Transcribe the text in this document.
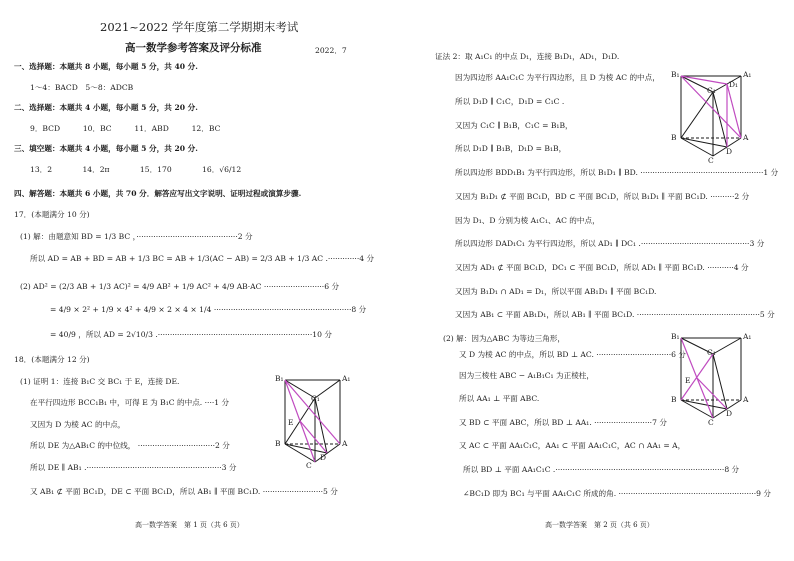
2021~2022 学年度第二学期期末考试
高一数学参考答案及评分标准	2022．7
一、选择题：本题共 8 小题，每小题 5 分，共 40 分.
1～4：BACD　5～8：ADCB
二、选择题：本题共 4 小题，每小题 5 分，共 20 分.
9．BCD　　　10．BC　　　11．ABD　　　12．BC
三、填空题：本题共 4 小题，每小题 5 分，共 20 分.
13．2　　　　14．2π　　　　15．170　　　　16．√6/12
四、解答题：本题共 6 小题，共 70 分．解答应写出文字说明、证明过程或演算步骤.
17．(本题满分 10 分)
(1) 解：由题意知 BD = 1/3 BC ，··········································2 分
所以 AD = AB + BD = AB + 1/3 BC = AB + 1/3(AC − AB) = 2/3 AB + 1/3 AC .·············4 分
(2) AD² = (2/3 AB + 1/3 AC)² = 4/9 AB² + 1/9 AC² + 4/9 AB·AC ·························6 分
= 4/9 × 2² + 1/9 × 4² + 4/9 × 2 × 4 × 1/4 ·························································8 分
= 40/9 ，所以 AD = 2√10/3 .································································10 分
18．(本题满分 12 分)
(1) 证明 1：连接 B₁C 交 BC₁ 于 E，连接 DE.
在平行四边形 BCC₁B₁ 中，可得 E 为 B₁C 的中点. ····1 分
又因为 D 为棱 AC 的中点，
所以 DE 为△AB₁C 的中位线， ································2 分
所以 DE ∥ AB₁ .························································3 分
又 AB₁ ⊄ 平面 BC₁D，DE ⊂ 平面 BC₁D，所以 AB₁ ∥ 平面 BC₁D. ·························5 分
高一数学答案　第 1 页（共 6 页）
B₁	A₁
C₁
E
B	A
D
C
证法 2：取 A₁C₁ 的中点 D₁，连接 B₁D₁，AD₁，D₁D.
因为四边形 AA₁C₁C 为平行四边形，且 D 为棱 AC 的中点，
所以 D₁D ∥ C₁C，D₁D = C₁C .
又因为 C₁C ∥ B₁B，C₁C = B₁B，
所以 D₁D ∥ B₁B，D₁D = B₁B，
所以四边形 BDD₁B₁ 为平行四边形，所以 B₁D₁ ∥ BD. ···················································1 分
又因为 B₁D₁ ⊄ 平面 BC₁D，BD ⊂ 平面 BC₁D，所以 B₁D₁ ∥ 平面 BC₁D. ··········2 分
因为 D₁、D 分别为棱 A₁C₁、AC 的中点，
所以四边形 DAD₁C₁ 为平行四边形，所以 AD₁ ∥ DC₁ .·············································3 分
又因为 AD₁ ⊄ 平面 BC₁D，DC₁ ⊂ 平面 BC₁D，所以 AD₁ ∥ 平面 BC₁D. ···········4 分
又因为 B₁D₁ ∩ AD₁ = D₁，所以平面 AB₁D₁ ∥ 平面 BC₁D.
又因为 AB₁ ⊂ 平面 AB₁D₁，所以 AB₁ ∥ 平面 BC₁D. ···················································5 分
(2) 解：因为△ABC 为等边三角形，
又 D 为棱 AC 的中点，所以 BD ⊥ AC. ·······························6 分
因为三棱柱 ABC − A₁B₁C₁ 为正棱柱，
所以 AA₁ ⊥ 平面 ABC.
又 BD ⊂ 平面 ABC，所以 BD ⊥ AA₁. ························7 分
又 AC ⊂ 平面 AA₁C₁C，AA₁ ⊂ 平面 AA₁C₁C，AC ∩ AA₁ = A，
所以 BD ⊥ 平面 AA₁C₁C .······································································8 分
∠BC₁D 即为 BC₁ 与平面 AA₁C₁C 所成的角. ·························································9 分
高一数学答案　第 2 页（共 6 页）
B₁	A₁
C₁
D₁
B	A
D
C
B₁	A₁
C₁
E
B	A
D
C
